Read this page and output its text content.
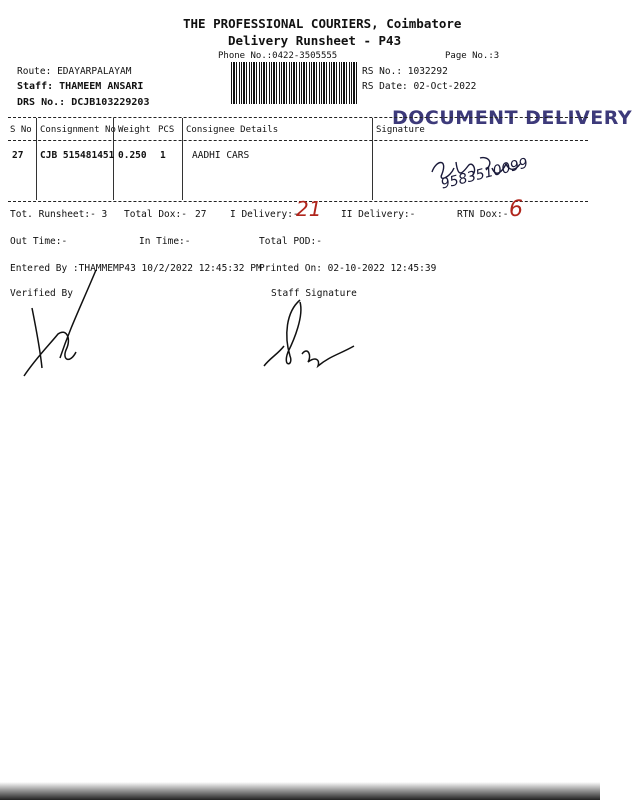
THE PROFESSIONAL COURIERS, Coimbatore
Delivery Runsheet - P43
Phone No.:0422-3505555	Page No.:3
Route: EDAYARPALAYAM
Staff: THAMEEM ANSARI
DRS No.: DCJB103229203
RS No.: 1032292
RS Date: 02-Oct-2022
DOCUMENT DELIVERY
S No Consignment No Weight PCS Consignee Details	Signature
27 CJB 515481451 0.250 1	AADHI CARS	9583510099
Tot. Runsheet:- 3 Total Dox:- 27 I Delivery:-
21 II Delivery:-	RTN Dox:- 6
Out Time:-	In Time:-	Total POD:-
Entered By :THAMMEMP43 10/2/2022 12:45:32 PM
Printed On: 02-10-2022 12:45:39
Verified By	Staff Signature
